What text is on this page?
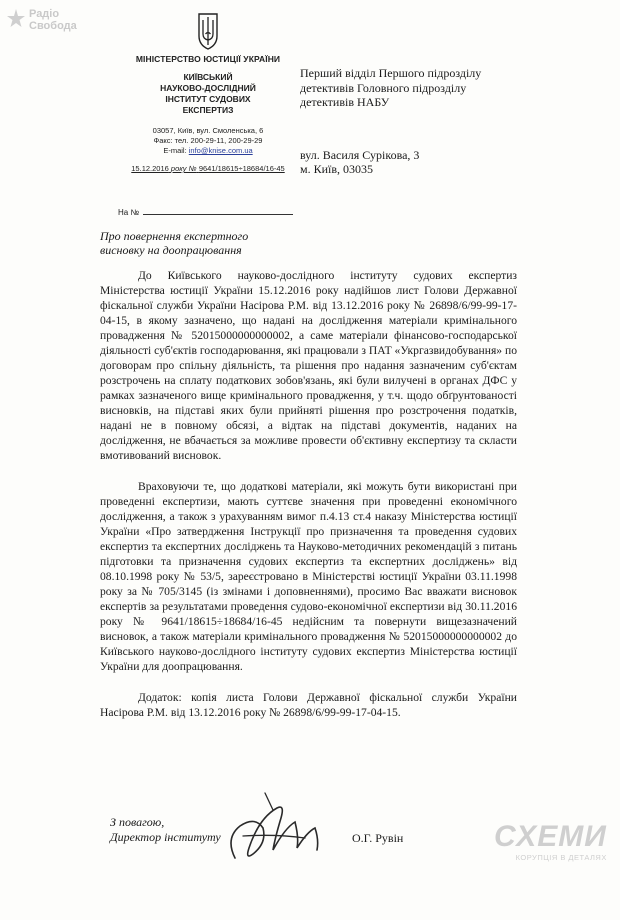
Радіо
Свобода
МІНІСТЕРСТВО ЮСТИЦІЇ УКРАЇНИ
КИЇВСЬКИЙ
НАУКОВО-ДОСЛІДНИЙ
ІНСТИТУТ СУДОВИХ
ЕКСПЕРТИЗ
03057, Київ, вул. Смоленська, 6
Факс: тел. 200-29-11, 200-29-29
E-mail: info@knise.com.ua
15.12.2016 року № 9641/18615÷18684/16-45
Перший відділ Першого підрозділу
детективів Головного підрозділу
детективів НАБУ
вул. Василя Сурікова, 3
м. Київ, 03035
На №
Про повернення експертного
висновку на доопрацювання

До Київського науково-дослідного інституту судових експертиз Міністерства юстиції України 15.12.2016 року надійшов лист Голови Державної фіскальної служби України Насірова Р.М. від 13.12.2016 року № 26898/6/99-99-17-04-15, в якому зазначено, що надані на дослідження матеріали кримінального провадження № 52015000000000002, а саме матеріали фінансово-господарської діяльності суб'єктів господарювання, які працювали з ПАТ «Укргазвидобування» по договорам про спільну діяльність, та рішення про надання зазначеним суб'єктам розстрочень на сплату податкових зобов'язань, які були вилучені в органах ДФС у рамках зазначеного вище кримінального провадження, у т.ч. щодо обґрунтованості висновків, на підставі яких були прийняті рішення про розстрочення податків, надані не в повному обсязі, а відтак на підставі документів, наданих на дослідження, не вбачається за можливе провести об'єктивну експертизу та скласти вмотивований висновок.

Враховуючи те, що додаткові матеріали, які можуть бути використані при проведенні експертизи, мають суттєве значення при проведенні економічного дослідження, а також з урахуванням вимог п.4.13 ст.4 наказу Міністерства юстиції України «Про затвердження Інструкції про призначення та проведення судових експертиз та експертних досліджень та Науково-методичних рекомендацій з питань підготовки та призначення судових експертиз та експертних досліджень» від 08.10.1998 року № 53/5, зареєстровано в Міністерстві юстиції України 03.11.1998 року за № 705/3145 (із змінами і доповненнями), просимо Вас вважати висновок експертів за результатами проведення судово-економічної експертизи від 30.11.2016 року № 9641/18615÷18684/16-45 недійсним та повернути вищезазначений висновок, а також матеріали кримінального провадження № 52015000000000002 до Київського науково-дослідного інституту судових експертиз Міністерства юстиції України для доопрацювання.

Додаток: копія листа Голови Державної фіскальної служби України Насірова Р.М. від 13.12.2016 року № 26898/6/99-99-17-04-15.

З повагою,
Директор інституту	О.Г. Рувін	СХЕМИ
КОРУПЦІЯ В ДЕТАЛЯХ
